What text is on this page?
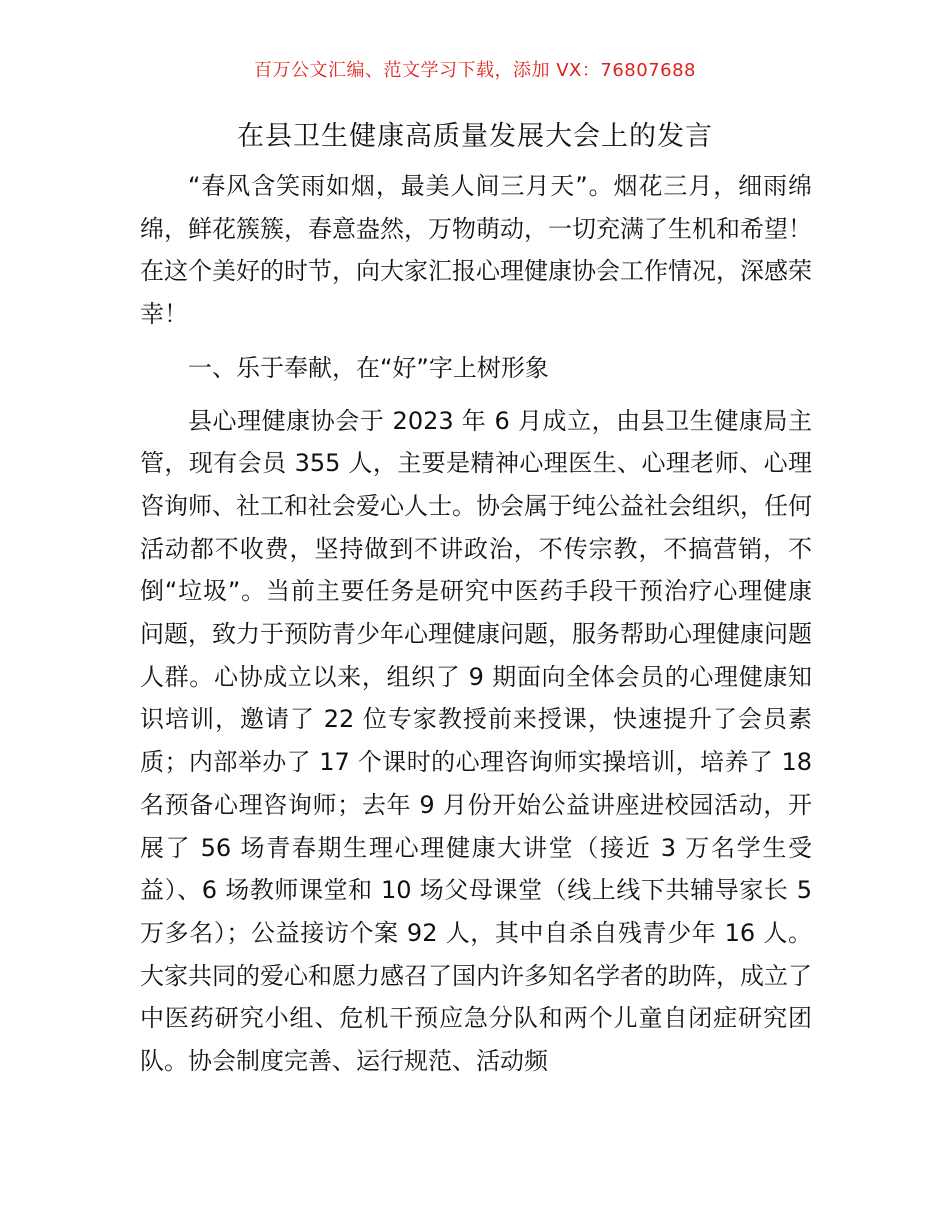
百万公文汇编、范文学习下载，添加 VX：76807688
在县卫生健康高质量发展大会上的发言

“春风含笑雨如烟，最美人间三月天”。烟花三月，细雨绵绵，鲜花簇簇，春意盎然，万物萌动，一切充满了生机和希望！在这个美好的时节，向大家汇报心理健康协会工作情况，深感荣幸！

一、乐于奉献，在“好”字上树形象

县心理健康协会于 2023 年 6 月成立，由县卫生健康局主管，现有会员 355 人，主要是精神心理医生、心理老师、心理咨询师、社工和社会爱心人士。协会属于纯公益社会组织，任何活动都不收费，坚持做到不讲政治，不传宗教，不搞营销，不倒“垃圾”。当前主要任务是研究中医药手段干预治疗心理健康问题，致力于预防青少年心理健康问题，服务帮助心理健康问题人群。心协成立以来，组织了 9 期面向全体会员的心理健康知识培训，邀请了 22 位专家教授前来授课，快速提升了会员素质；内部举办了 17 个课时的心理咨询师实操培训，培养了 18 名预备心理咨询师；去年 9 月份开始公益讲座进校园活动，开展了 56 场青春期生理心理健康大讲堂（接近 3 万名学生受益）、6 场教师课堂和 10 场父母课堂（线上线下共辅导家长 5 万多名）；公益接访个案 92 人，其中自杀自残青少年 16 人。大家共同的爱心和愿力感召了国内许多知名学者的助阵，成立了中医药研究小组、危机干预应急分队和两个儿童自闭症研究团队。协会制度完善、运行规范、活动频
